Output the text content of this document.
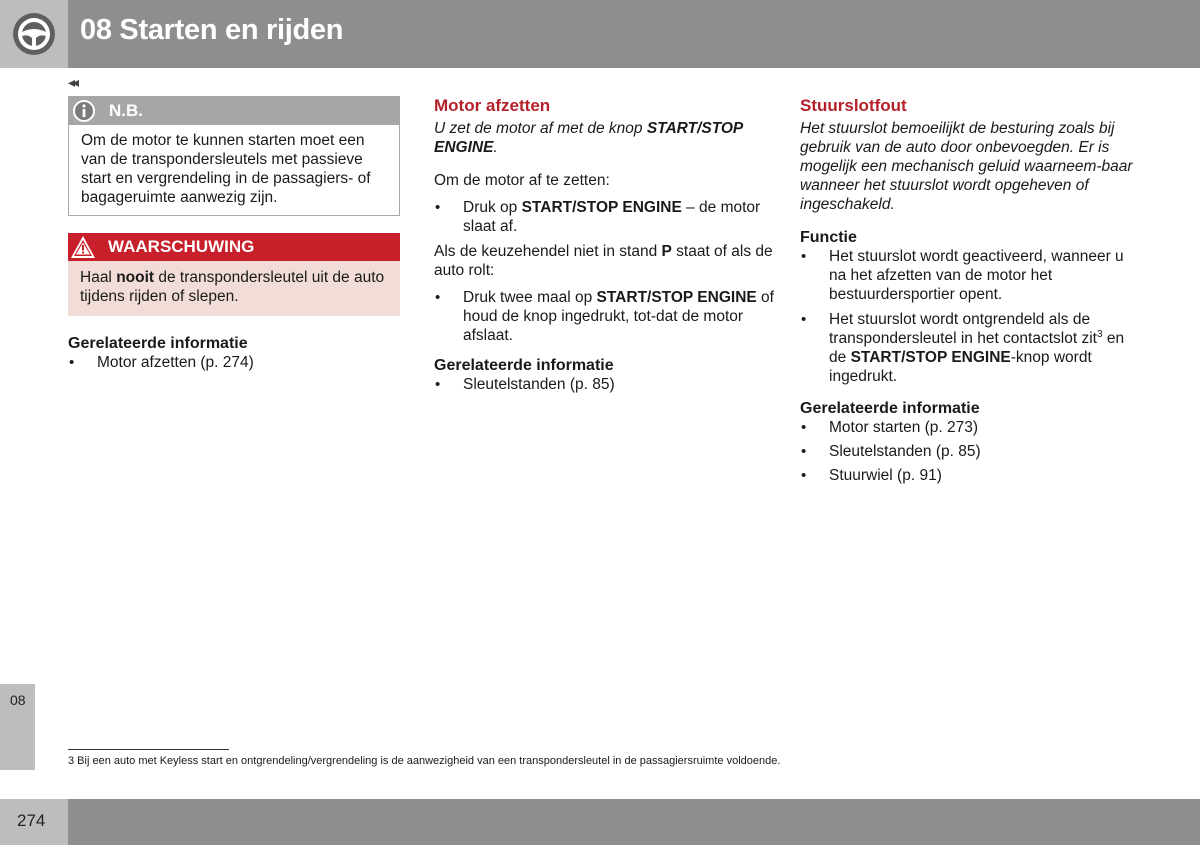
08 Starten en rijden
◂◂
N.B.
Om de motor te kunnen starten moet een van de transpondersleutels met passieve start en vergrendeling in de passagiers- of bagageruimte aanwezig zijn.
WAARSCHUWING
Haal nooit de transpondersleutel uit de auto tijdens rijden of slepen.
Gerelateerde informatie
• Motor afzetten (p. 274)
Motor afzetten

U zet de motor af met de knop START/STOP ENGINE.

Om de motor af te zetten:

• Druk op START/STOP ENGINE – de motor slaat af.

Als de keuzehendel niet in stand P staat of als de auto rolt:

• Druk twee maal op START/STOP ENGINE of houd de knop ingedrukt, tot-dat de motor afslaat.
Gerelateerde informatie
• Sleutelstanden (p. 85)
Stuurslotfout

Het stuurslot bemoeilijkt de besturing zoals bij gebruik van de auto door onbevoegden. Er is mogelijk een mechanisch geluid waarneem-baar wanneer het stuurslot wordt opgeheven of ingeschakeld.

Functie
• Het stuurslot wordt geactiveerd, wanneer u na het afzetten van de motor het bestuurdersportier opent.
• Het stuurslot wordt ontgrendeld als de transpondersleutel in het contactslot zit$^3$ en de START/STOP ENGINE-knop wordt ingedrukt.
Gerelateerde informatie
• Motor starten (p. 273)
• Sleutelstanden (p. 85)
• Stuurwiel (p. 91)
08
3 Bij een auto met Keyless start en ontgrendeling/vergrendeling is de aanwezigheid van een transpondersleutel in de passagiersruimte voldoende.
274
